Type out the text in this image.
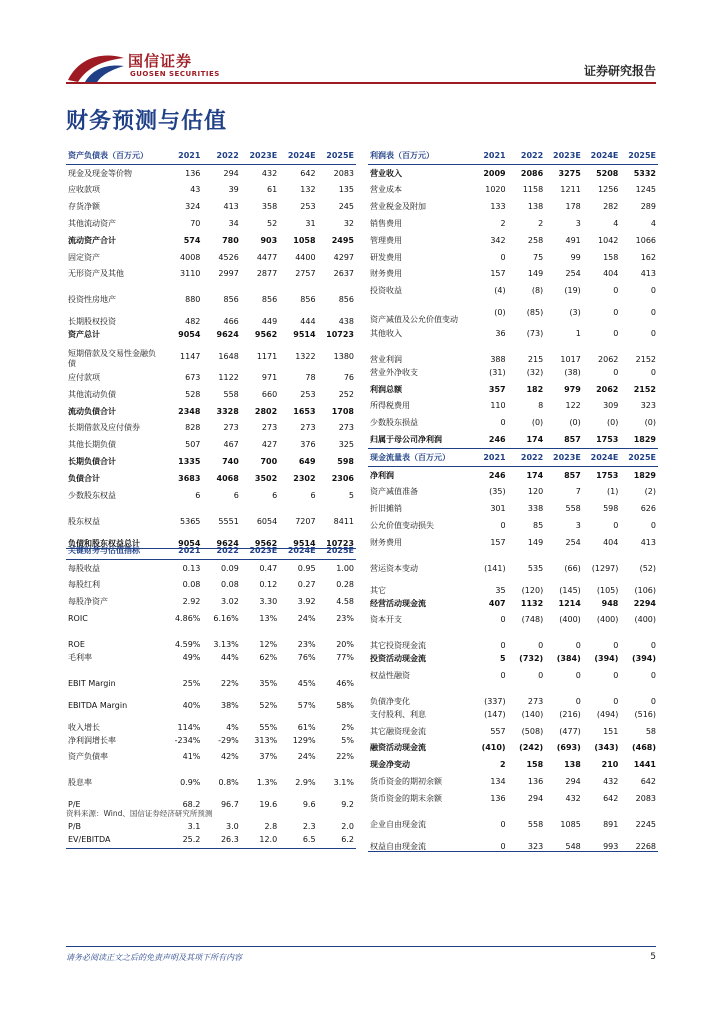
国信证券
GUOSEN SECURITIES	证券研究报告
财务预测与估值
资产负债表（百万元）	2021	2022	2023E	2024E	2025E
现金及现金等价物	136	294	432	642	2083
应收款项	43	39	61	132	135
存货净额	324	413	358	253	245
其他流动资产	70	34	52	31	32
流动资产合计	574	780	903	1058	2495
固定资产	4008	4526	4477	4400	4297
无形资产及其他	3110	2997	2877	2757	2637
投资性房地产	880	856	856	856	856
长期股权投资	482	466	449	444	438
资产总计	9054	9624	9562	9514	10723
短期借款及交易性金融负债	1147	1648	1171	1322	1380
应付款项	673	1122	971	78	76
其他流动负债	528	558	660	253	252
流动负债合计	2348	3328	2802	1653	1708
长期借款及应付债券	828	273	273	273	273
其他长期负债	507	467	427	376	325
长期负债合计	1335	740	700	649	598
负债合计	3683	4068	3502	2302	2306
少数股东权益	6	6	6	6	5
股东权益	5365	5551	6054	7207	8411
负债和股东权益总计	9054	9624	9562	9514	10723
关键财务与估值指标	2021	2022	2023E	2024E	2025E
每股收益	0.13	0.09	0.47	0.95	1.00
每股红利	0.08	0.08	0.12	0.27	0.28
每股净资产	2.92	3.02	3.30	3.92	4.58
ROIC	4.86%	6.16%	13%	24%	23%
ROE	4.59%	3.13%	12%	23%	20%
毛利率	49%	44%	62%	76%	77%
EBIT Margin	25%	22%	35%	45%	46%
EBITDA Margin	40%	38%	52%	57%	58%
收入增长	114%	4%	55%	61%	2%
净利润增长率	-234%	-29%	313%	129%	5%
资产负债率	41%	42%	37%	24%	22%
股息率	0.9%	0.8%	1.3%	2.9%	3.1%
P/E	68.2	96.7	19.6	9.6	9.2
P/B	3.1	3.0	2.8	2.3	2.0
EV/EBITDA	25.2	26.3	12.0	6.5	6.2
利润表（百万元）	2021	2022	2023E	2024E	2025E
营业收入	2009	2086	3275	5208	5332
营业成本	1020	1158	1211	1256	1245
营业税金及附加	133	138	178	282	289
销售费用	2	2	3	4	4
管理费用	342	258	491	1042	1066
研发费用	0	75	99	158	162
财务费用	157	149	254	404	413
投资收益	(4)	(8)	(19)	0	0
资产减值及公允价值变动	(0)	(85)	(3)	0	0
其他收入	36	(73)	1	0	0
营业利润	388	215	1017	2062	2152
营业外净收支	(31)	(32)	(38)	0	0
利润总额	357	182	979	2062	2152
所得税费用	110	8	122	309	323
少数股东损益	0	(0)	(0)	(0)	(0)
归属于母公司净利润	246	174	857	1753	1829
现金流量表（百万元）	2021	2022	2023E	2024E	2025E
净利润	246	174	857	1753	1829
资产减值准备	(35)	120	7	(1)	(2)
折旧摊销	301	338	558	598	626
公允价值变动损失	0	85	3	0	0
财务费用	157	149	254	404	413
营运资本变动	(141)	535	(66)	(1297)	(52)
其它	35	(120)	(145)	(105)	(106)
经营活动现金流	407	1132	1214	948	2294
资本开支	0	(748)	(400)	(400)	(400)
其它投资现金流	0	0	0	0	0
投资活动现金流	5	(732)	(384)	(394)	(394)
权益性融资	0	0	0	0	0
负债净变化	(337)	273	0	0	0
支付股利、利息	(147)	(140)	(216)	(494)	(516)
其它融资现金流	557	(508)	(477)	151	58
融资活动现金流	(410)	(242)	(693)	(343)	(468)
现金净变动	2	158	138	210	1441
货币资金的期初余额	134	136	294	432	642
货币资金的期末余额	136	294	432	642	2083
企业自由现金流	0	558	1085	891	2245
权益自由现金流	0	323	548	993	2268
资料来源：Wind、国信证券经济研究所预测
请务必阅读正文之后的免责声明及其项下所有内容	5
